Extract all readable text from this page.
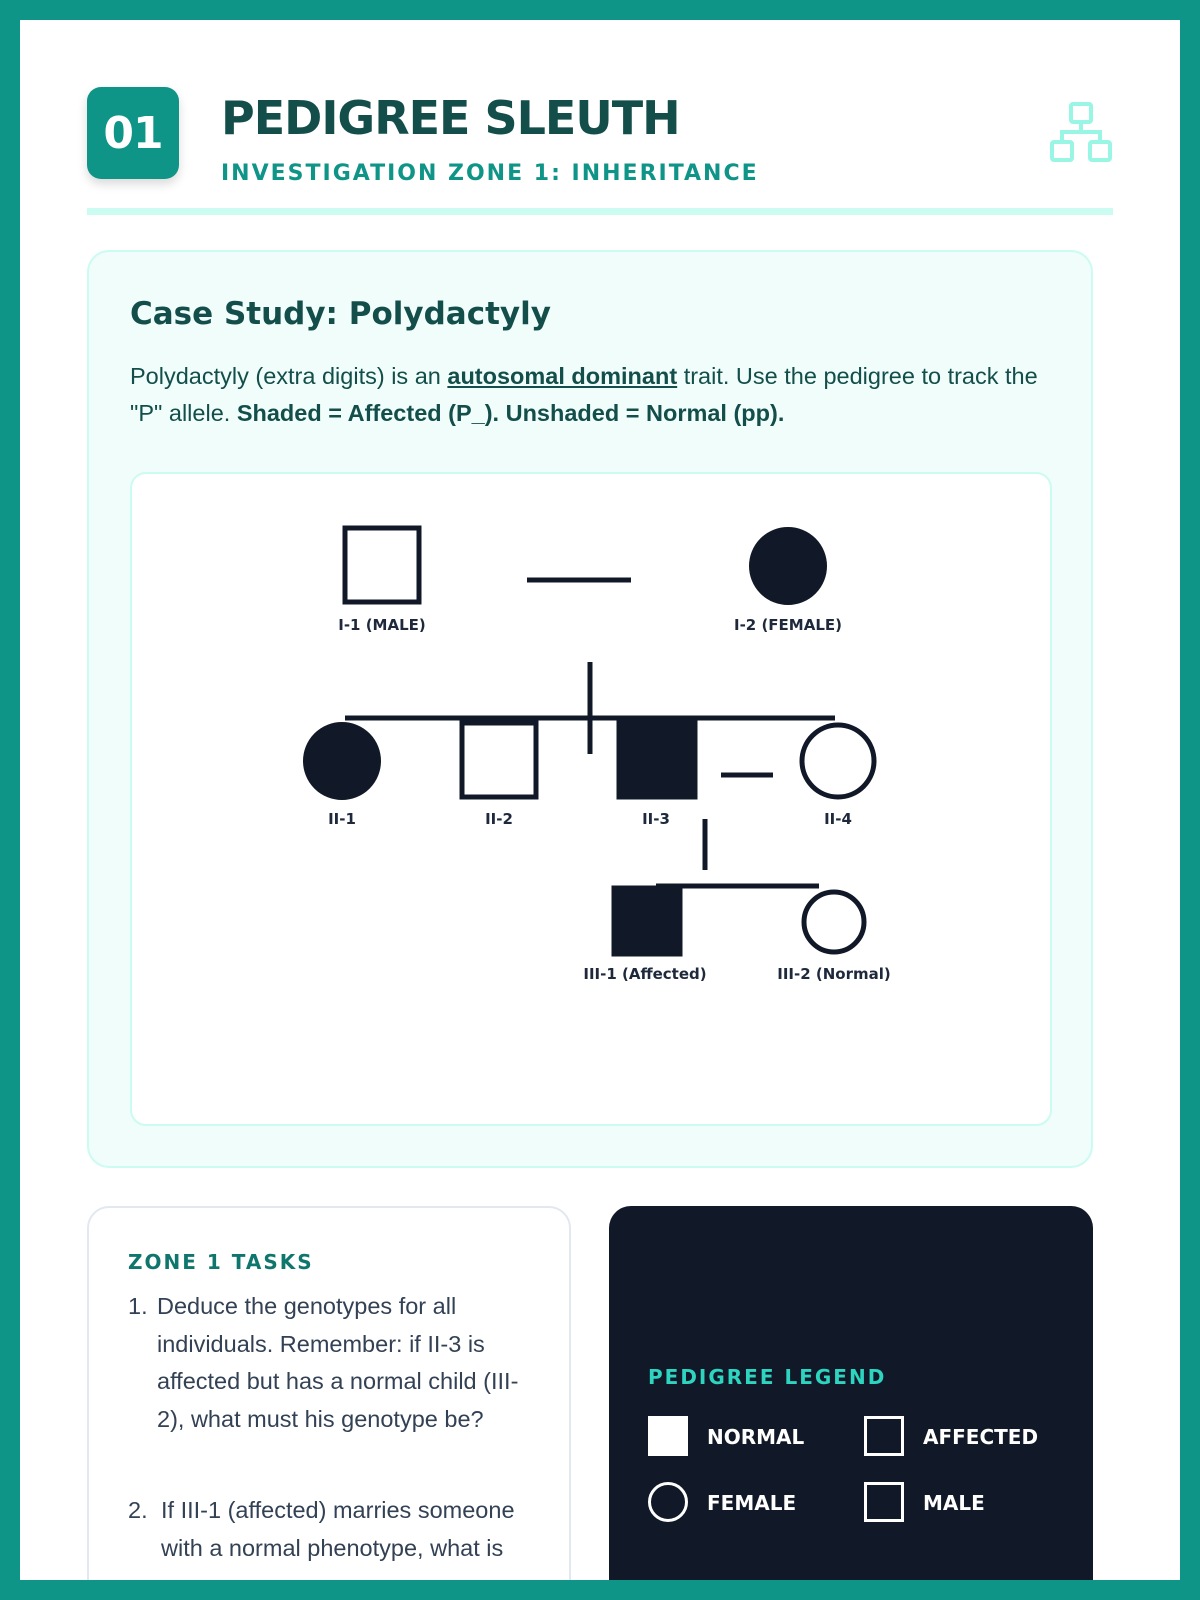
01	PEDIGREE SLEUTH
INVESTIGATION ZONE 1: INHERITANCE
Case Study: Polydactyly
Polydactyly (extra digits) is an autosomal dominant trait. Use the pedigree to track the "P" allele. Shaded = Affected (P_). Unshaded = Normal (pp).
I-1 (MALE)	I-2 (FEMALE)
II-1	II-2	II-3	II-4
III-1 (Affected)	III-2 (Normal)
ZONE 1 TASKS
1. Deduce the genotypes for all individuals. Remember: if II-3 is affected but has a normal child (III-2), what must his genotype be?
2. If III-1 (affected) marries someone with a normal phenotype, what is
PEDIGREE LEGEND
NORMAL	AFFECTED
FEMALE	MALE
